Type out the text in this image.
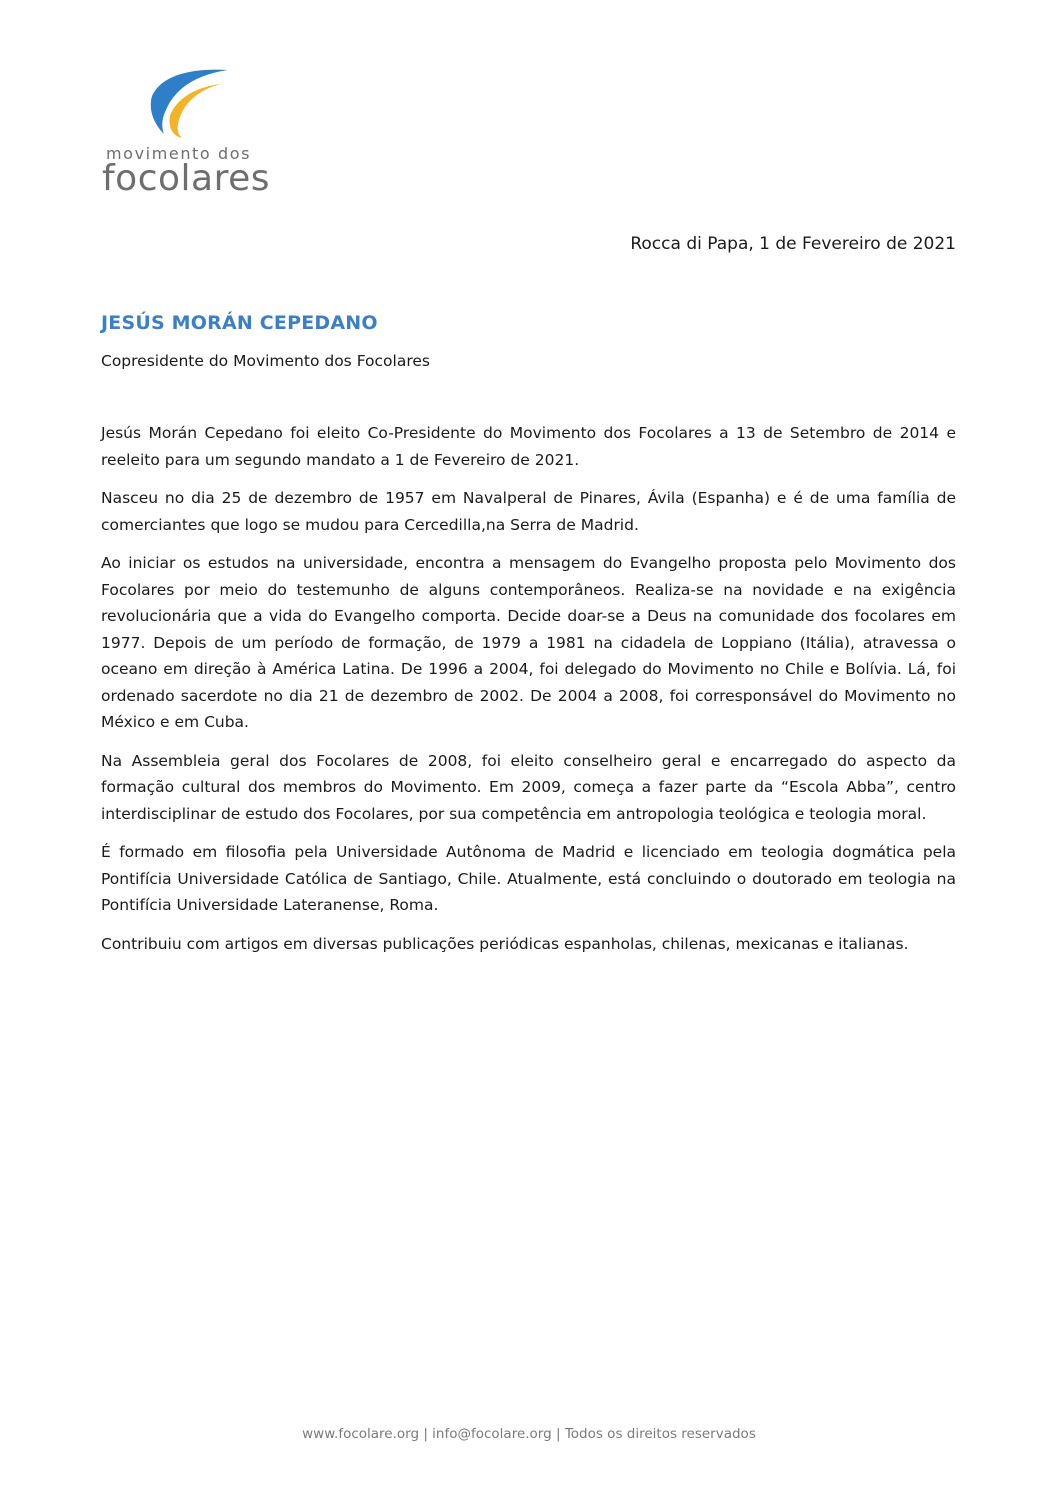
movimento dos
focolares
Rocca di Papa, 1 de Fevereiro de 2021
JESÚS MORÁN CEPEDANO
Copresidente do Movimento dos Focolares

Jesús Morán Cepedano foi eleito Co-Presidente do Movimento dos Focolares a 13 de Setembro de 2014 e reeleito para um segundo mandato a 1 de Fevereiro de 2021.

Nasceu no dia 25 de dezembro de 1957 em Navalperal de Pinares, Ávila (Espanha) e é de uma família de comerciantes que logo se mudou para Cercedilla,na Serra de Madrid.

Ao iniciar os estudos na universidade, encontra a mensagem do Evangelho proposta pelo Movimento dos Focolares por meio do testemunho de alguns contemporâneos. Realiza-se na novidade e na exigência revolucionária que a vida do Evangelho comporta. Decide doar-se a Deus na comunidade dos focolares em 1977. Depois de um período de formação, de 1979 a 1981 na cidadela de Loppiano (Itália), atravessa o oceano em direção à América Latina. De 1996 a 2004, foi delegado do Movimento no Chile e Bolívia. Lá, foi ordenado sacerdote no dia 21 de dezembro de 2002. De 2004 a 2008, foi corresponsável do Movimento no México e em Cuba.

Na Assembleia geral dos Focolares de 2008, foi eleito conselheiro geral e encarregado do aspecto da formação cultural dos membros do Movimento. Em 2009, começa a fazer parte da “Escola Abba”, centro interdisciplinar de estudo dos Focolares, por sua competência em antropologia teológica e teologia moral.

É formado em filosofia pela Universidade Autônoma de Madrid e licenciado em teologia dogmática pela Pontifícia Universidade Católica de Santiago, Chile. Atualmente, está concluindo o doutorado em teologia na Pontifícia Universidade Lateranense, Roma.

Contribuiu com artigos em diversas publicações periódicas espanholas, chilenas, mexicanas e italianas.

www.focolare.org | info@focolare.org | Todos os direitos reservados
